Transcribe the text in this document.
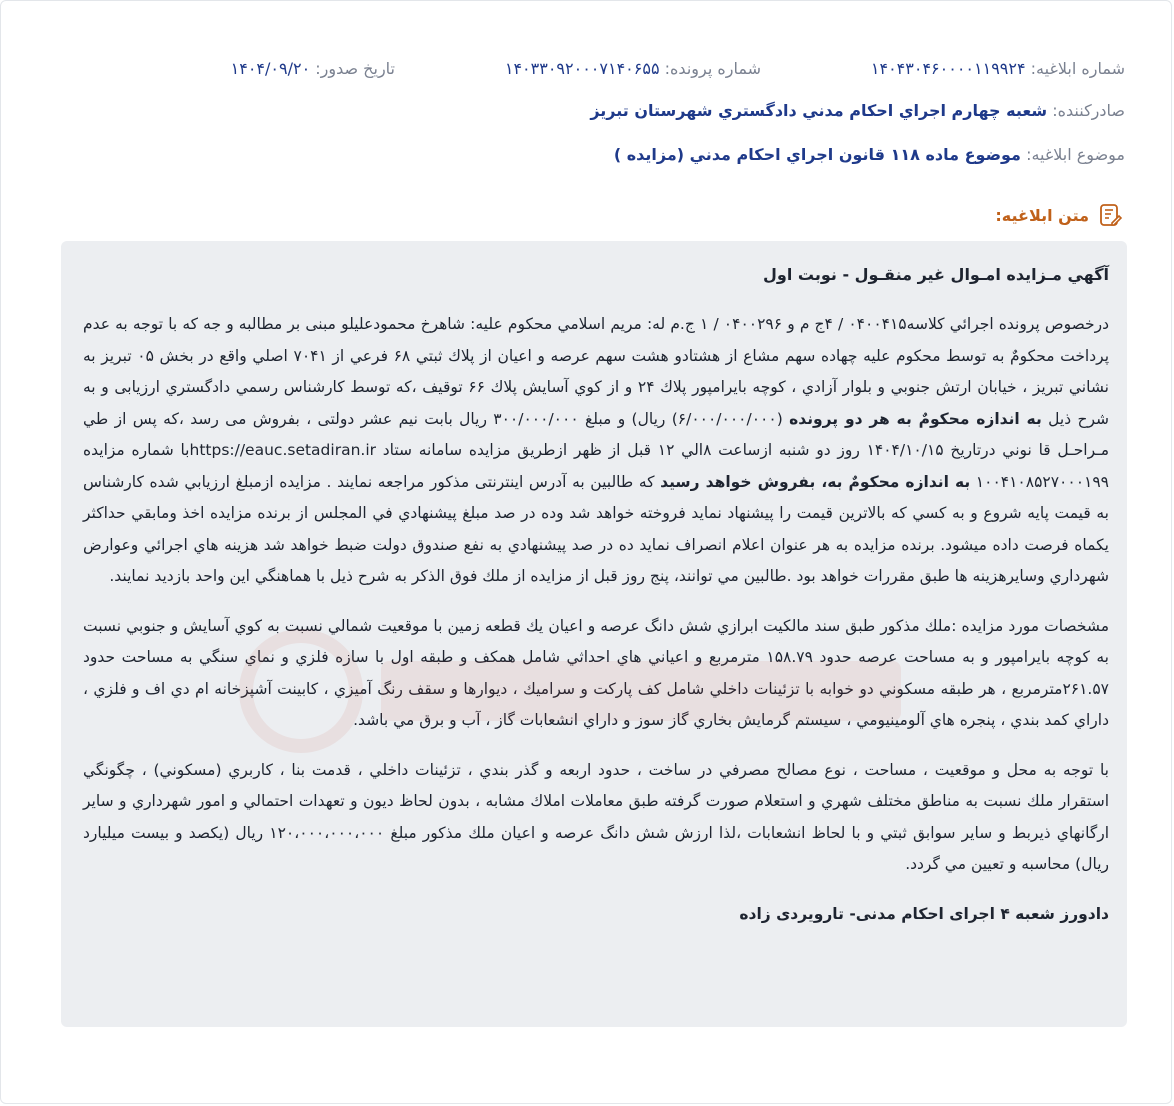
شماره ابلاغيه: ۱۴۰۴۳۰۴۶۰۰۰۰۱۱۹۹۲۴
شماره پرونده: ۱۴۰۳۳۰۹۲۰۰۰۷۱۴۰۶۵۵
تاريخ صدور: ۱۴۰۴/۰۹/۲۰
صادرکننده: شعبه چهارم اجراي احكام مدني دادگستري شهرستان تبريز
موضوع ابلاغيه: موضوع ماده ۱۱۸ قانون اجراي احكام مدني (مزايده )
متن ابلاغيه:
آگهي مـزايده امـوال غير منقـول - نوبت اول

درخصوص پرونده اجرائي كلاسه۰۴۰۰۴۱۵ / ۴ج م و ۰۴۰۰۲۹۶ / ۱ ج.م له: مريم اسلامي محكوم عليه: شاهرخ محمودعليلو مبنی بر مطالبه و جه كه با توجه به عدم پرداخت محكومٌ به توسط محكوم عليه چهاده سهم مشاع از هشتادو هشت سهم عرصه و اعيان از پلاك ثبتي ۶۸ فرعي از ۷۰۴۱ اصلي واقع در بخش ۰۵ تبريز به نشاني تبريز ، خيابان ارتش جنوبي و بلوار آزادي ، كوچه بايرامپور پلاك ۲۴ و از كوي آسايش پلاك ۶۶ توقيف ،كه توسط كارشناس رسمي دادگستري ارزيابى و به شرح ذيل به اندازه محكومٌ به هر دو پرونده (۶/۰۰۰/۰۰۰/۰۰۰) ريال) و مبلغ ۳۰۰/۰۰۰/۰۰۰ ريال بابت نيم عشر دولتی ، بفروش مى رسد ،كه پس از طي مـراحـل قا نوني درتاريخ ۱۴۰۴/۱۰/۱۵ روز دو شنبه ازساعت ۸الي ۱۲ قبل از ظهر ازطريق مزايده سامانه ستاد https://eauc.setadiran.irبا شماره مزايده ۱۰۰۴۱۰۸۵۲۷۰۰۰۱۹۹ به اندازه محكومٌ به، بفروش خواهد رسيد كه طالبين به آدرس اينترنتی مذكور مراجعه نمايند . مزايده ازمبلغ ارزيابي شده كارشناس به قيمت پايه شروع و به كسي كه بالاترين قيمت را پيشنهاد نمايد فروخته خواهد شد وده در صد مبلغ پيشنهادي في المجلس از برنده مزايده اخذ ومابقي حداكثر يكماه فرصت داده ميشود. برنده مزايده به هر عنوان اعلام انصراف نمايد ده در صد پيشنهادي به نفع صندوق دولت ضبط خواهد شد هزينه هاي اجرائي وعوارض شهرداري وسايرهزينه ها طبق مقررات خواهد بود .طالبين مي توانند، پنج روز قبل از مزايده از ملك فوق الذكر به شرح ذيل با هماهنگي اين واحد بازديد نمايند.

مشخصات مورد مزايده :ملك مذكور طبق سند مالكيت ابرازي شش دانگ عرصه و اعيان يك قطعه زمين با موقعيت شمالي نسبت به كوي آسايش و جنوبي نسبت به كوچه بايرامپور و به مساحت عرصه حدود ۱۵۸.۷۹ مترمربع و اعياني هاي احداثي شامل همكف و طبقه اول با سازه فلزي و نماي سنگي به مساحت حدود ۲۶۱.۵۷مترمربع ، هر طبقه مسكوني دو خوابه با تزئينات داخلي شامل كف پاركت و سراميك ، ديوارها و سقف رنگ آميزي ، كابينت آشپزخانه ام دي اف و فلزي ، داراي كمد بندي ، پنجره هاي آلومينيومي ، سيستم گرمايش بخاري گاز سوز و داراي انشعابات گاز ، آب و برق مي باشد.

با توجه به محل و موقعيت ، مساحت ، نوع مصالح مصرفي در ساخت ، حدود اربعه و گذر بندي ، تزئينات داخلي ، قدمت بنا ، كاربري (مسكوني) ، چگونگي استقرار ملك نسبت به مناطق مختلف شهري و استعلام صورت گرفته طبق معاملات املاك مشابه ، بدون لحاظ ديون و تعهدات احتمالي و امور شهرداري و ساير ارگانهاي ذيربط و ساير سوابق ثبتي و با لحاظ انشعابات ،لذا ارزش شش دانگ عرصه و اعيان ملك مذكور مبلغ ۱۲۰،۰۰۰،۰۰۰،۰۰۰ ريال (يكصد و بيست ميليارد ريال) محاسبه و تعيين مي گردد.

دادورز شعبه ۴ اجرای احکام مدنی- تارویردی زاده
